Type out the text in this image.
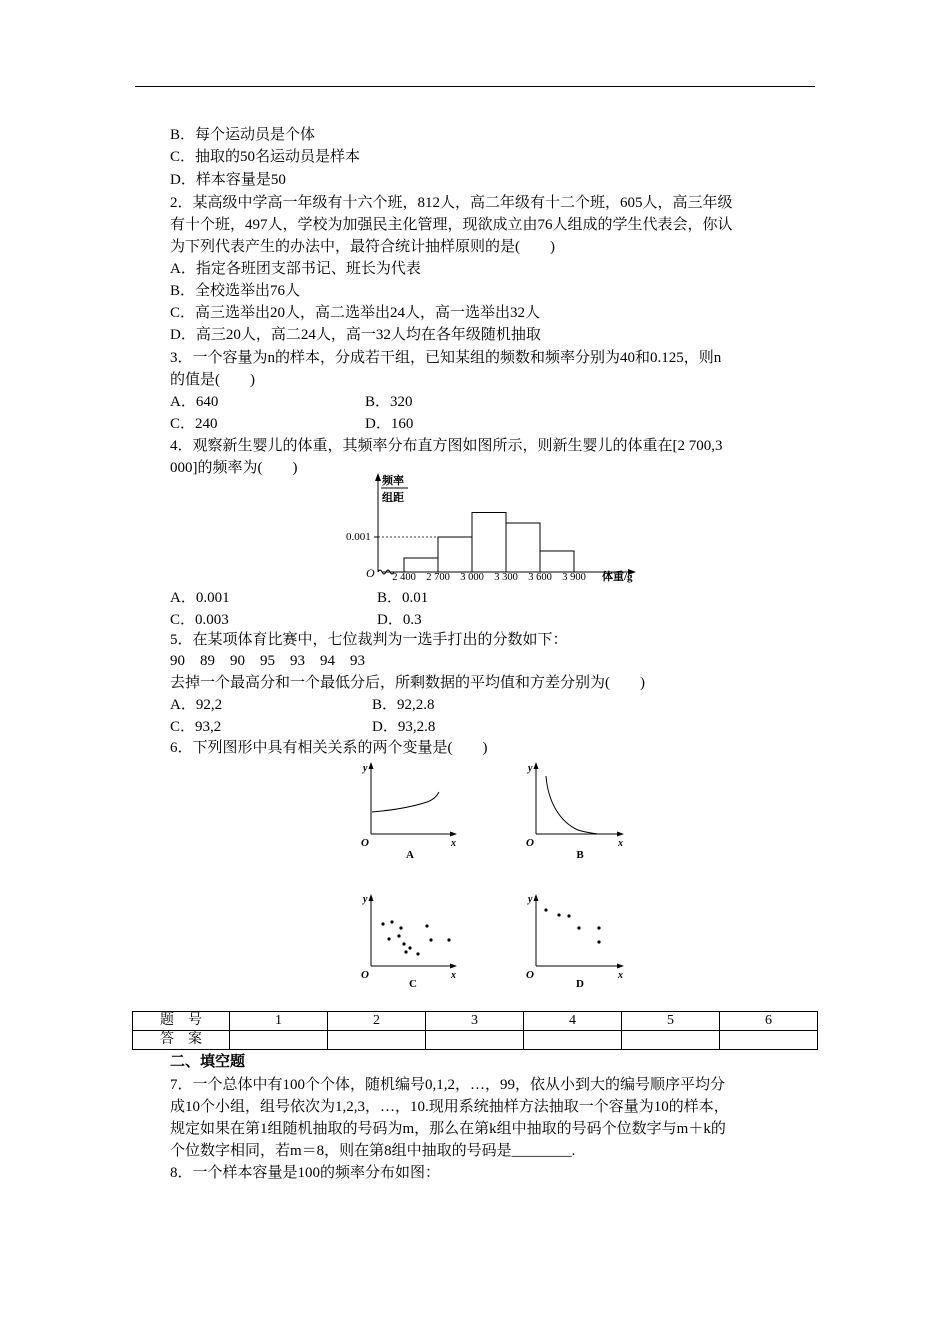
B．每个运动员是个体
C．抽取的50名运动员是样本
D．样本容量是50
2．某高级中学高一年级有十六个班，812人，高二年级有十二个班，605人，高三年级
有十个班，497人，学校为加强民主化管理，现欲成立由76人组成的学生代表会，你认
为下列代表产生的办法中，最符合统计抽样原则的是(　　)
A．指定各班团支部书记、班长为代表
B．全校选举出76人
C．高三选举出20人，高二选举出24人，高一选举出32人
D．高三20人，高二24人，高一32人均在各年级随机抽取
3．一个容量为n的样本，分成若干组，已知某组的频数和频率分别为40和0.125，则n
的值是(　　)
A．640	B．320
C．240	D．160
4．观察新生婴儿的体重，其频率分布直方图如图所示，则新生婴儿的体重在[2 700,3
000]的频率为(　　)
频率
组距
0.001
O	体重/g
2 400 2 700 3 000 3 300 3 600 3 900
A．0.001	B．0.01
C．0.003	D．0.3
5．在某项体育比赛中，七位裁判为一选手打出的分数如下：
90　89　90　95　93　94　93
去掉一个最高分和一个最低分后，所剩数据的平均值和方差分别为(　　)
A．92,2	B．92,2.8
C．93,2	D．93,2.8
6．下列图形中具有相关关系的两个变量是(　　)
y
x
O
A
y
x
O
B
y
x
O
C
y
x
O
D
题　号	1	2	3	4	5	6
答　案						
二、填空题
7．一个总体中有100个个体，随机编号0,1,2，…，99，依从小到大的编号顺序平均分
成10个小组，组号依次为1,2,3，…，10.现用系统抽样方法抽取一个容量为10的样本，
规定如果在第1组随机抽取的号码为m，那么在第k组中抽取的号码个位数字与m＋k的
个位数字相同，若m＝8，则在第8组中抽取的号码是________.
8．一个样本容量是100的频率分布如图：
